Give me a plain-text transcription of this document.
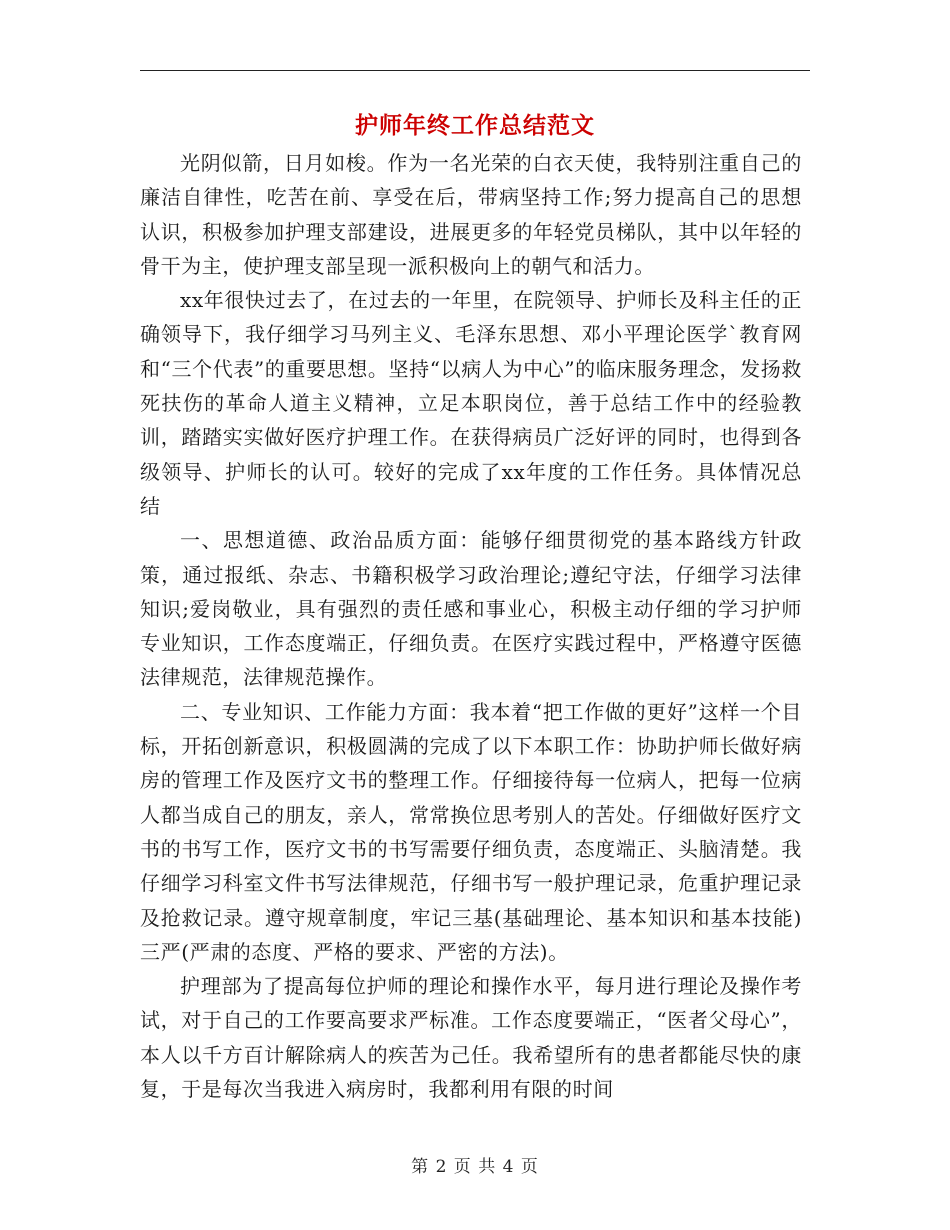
护师年终工作总结范文

光阴似箭，日月如梭。作为一名光荣的白衣天使，我特别注重自己的廉洁自律性，吃苦在前、享受在后，带病坚持工作;努力提高自己的思想认识，积极参加护理支部建设，进展更多的年轻党员梯队，其中以年轻的骨干为主，使护理支部呈现一派积极向上的朝气和活力。

xx年很快过去了，在过去的一年里，在院领导、护师长及科主任的正确领导下，我仔细学习马列主义、毛泽东思想、邓小平理论医学`教育网和“三个代表”的重要思想。坚持“以病人为中心”的临床服务理念，发扬救死扶伤的革命人道主义精神，立足本职岗位，善于总结工作中的经验教训，踏踏实实做好医疗护理工作。在获得病员广泛好评的同时，也得到各级领导、护师长的认可。较好的完成了xx年度的工作任务。具体情况总结

一、思想道德、政治品质方面：能够仔细贯彻党的基本路线方针政策，通过报纸、杂志、书籍积极学习政治理论;遵纪守法，仔细学习法律知识;爱岗敬业，具有强烈的责任感和事业心，积极主动仔细的学习护师专业知识，工作态度端正，仔细负责。在医疗实践过程中，严格遵守医德法律规范，法律规范操作。

二、专业知识、工作能力方面：我本着“把工作做的更好”这样一个目标，开拓创新意识，积极圆满的完成了以下本职工作：协助护师长做好病房的管理工作及医疗文书的整理工作。仔细接待每一位病人，把每一位病人都当成自己的朋友，亲人，常常换位思考别人的苦处。仔细做好医疗文书的书写工作，医疗文书的书写需要仔细负责，态度端正、头脑清楚。我仔细学习科室文件书写法律规范，仔细书写一般护理记录，危重护理记录及抢救记录。遵守规章制度，牢记三基(基础理论、基本知识和基本技能)三严(严肃的态度、严格的要求、严密的方法)。

护理部为了提高每位护师的理论和操作水平，每月进行理论及操作考试，对于自己的工作要高要求严标准。工作态度要端正，“医者父母心”，本人以千方百计解除病人的疾苦为己任。我希望所有的患者都能尽快的康复，于是每次当我进入病房时，我都利用有限的时间

第 2 页 共 4 页
